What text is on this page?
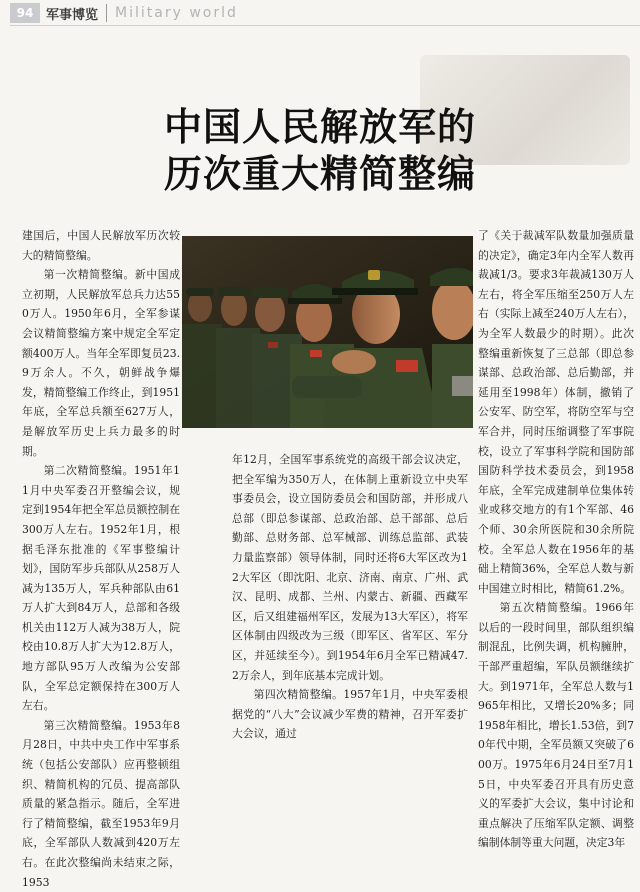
94 军事博览 Military world
中国人民解放军的
历次重大精简整编

建国后，中国人民解放军历次较大的精简整编。

第一次精简整编。新中国成立初期，人民解放军总兵力达550万人。1950年6月，全军参谋会议精简整编方案中规定全军定额400万人。当年全军即复员23.9万余人。不久，朝鲜战争爆发，精简整编工作终止，到1951年底，全军总兵额至627万人，是解放军历史上兵力最多的时期。

第二次精简整编。1951年11月中央军委召开整编会议，规定到1954年把全军总员额控制在300万人左右。1952年1月，根据毛泽东批准的《军事整编计划》，国防军步兵部队从258万人减为135万人，军兵种部队由61万人扩大到84万人，总部和各级机关由112万人减为38万人，院校由10.8万人扩大为12.8万人，地方部队95万人改编为公安部队，全军总定额保持在300万人左右。

第三次精简整编。1953年8月28日，中共中央工作中军事系统（包括公安部队）应再整顿组织、精简机构的冗员、提高部队质量的紧急指示。随后，全军进行了精简整编，截至1953年9月底，全军部队人数减到420万左右。在此次整编尚未结束之际，1953

年12月，全国军事系统党的高级干部会议决定，把全军编为350万人，在体制上重新设立中央军事委员会，设立国防委员会和国防部，并形成八总部（即总参谋部、总政治部、总干部部、总后勤部、总财务部、总军械部、训练总监部、武装力量监察部）领导体制，同时还将6大军区改为12大军区（即沈阳、北京、济南、南京、广州、武汉、昆明、成都、兰州、内蒙古、新疆、西藏军区，后又组建福州军区，发展为13大军区），将军区体制由四级改为三级（即军区、省军区、军分区，并延续至今）。到1954年6月全军已精减47.2万余人，到年底基本完成计划。

第四次精简整编。1957年1月，中央军委根据党的“八大”会议减少军费的精神，召开军委扩大会议，通过

了《关于裁减军队数量加强质量的决定》，确定3年内全军人数再裁减1/3。要求3年裁减130万人左右，将全军压缩至250万人左右（实际上减至240万人左右），为全军人数最少的时期）。此次整编重新恢复了三总部（即总参谋部、总政治部、总后勤部，并延用至1998年）体制，撤销了公安军、防空军，将防空军与空军合并，同时压缩调整了军事院校，设立了军事科学院和国防部国防科学技术委员会，到1958年底，全军完成建制单位集体转业或移交地方的有1个军部、46个师、30余所医院和30余所院校。全军总人数在1956年的基础上精简36%，全军总人数与新中国建立时相比，精简61.2%。

第五次精简整编。1966年以后的一段时间里，部队组织编制混乱，比例失调，机构臃肿，干部严重超编，军队员额继续扩大。到1971年，全军总人数与1965年相比，又增长20%多；同1958年相比，增长1.53倍，到70年代中期，全军员额又突破了600万。1975年6月24日至7月15日，中央军委召开具有历史意义的军委扩大会议，集中讨论和重点解决了压缩军队定额、调整编制体制等重大问题，决定3年
